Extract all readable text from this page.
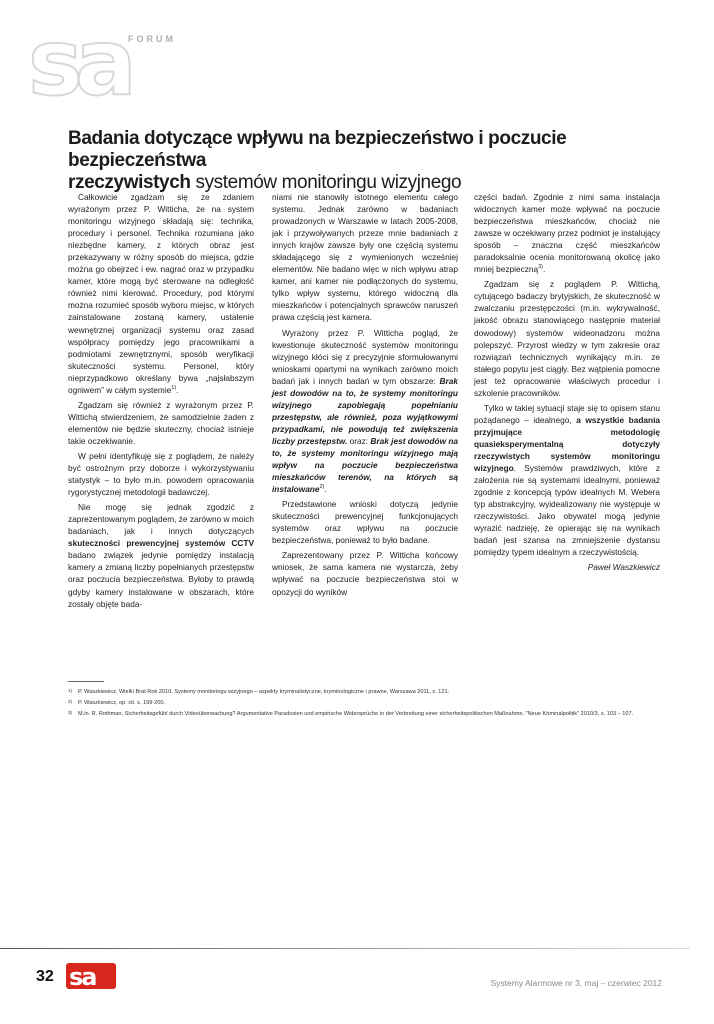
sa FORUM
Badania dotyczące wpływu na bezpieczeństwo i poczucie bezpieczeństwa
rzeczywistych systemów monitoringu wizyjnego

Całkowicie zgadzam się ze zdaniem wyrażonym przez P. Witticha, że na system monitoringu wizyjnego składają się: technika, procedury i personel. Technika rozumiana jako niezbędne kamery, z których obraz jest przekazywany w różny sposób do miejsca, gdzie można go obejrzeć i ew. nagrać oraz w przypadku kamer, które mogą być sterowane na odległość również nimi kierować. Procedury, pod którymi można rozumieć sposób wyboru miejsc, w których zainstalowane zostaną kamery, ustalenie wewnętrznej organizacji systemu oraz zasad współpracy pomiędzy jego pracownikami a podmiotami zewnętrznymi, sposób weryfikacji skuteczności systemu. Personel, który nieprzypadkowo określany bywa „najsłabszym ogniwem” w całym systemie$^{1)}$.

Zgadzam się również z wyrażonym przez P. Wittichą stwierdzeniem, że samodzielnie żaden z elementów nie będzie skuteczny, chociaż istnieje takie oczekiwanie.

W pełni identyfikuję się z poglądem, że należy być ostrożnym przy doborze i wykorzystywaniu statystyk – to było m.in. powodem opracowania rygorystycznej metodologii badawczej.

Nie mogę się jednak zgodzić z zaprezentowanym poglądem, że zarówno w moich badaniach, jak i innych dotyczących skuteczności prewencyjnej systemów CCTV badano związek jedynie pomiędzy instalacją kamery a zmianą liczby popełnianych przestępstw oraz poczucia bezpieczeństwa. Byłoby to prawdą gdyby kamery instalowane w obszarach, które zostały objęte bada-

niami nie stanowiły istotnego elementu całego systemu. Jednak zarówno w badaniach prowadzonych w Warszawie w latach 2005-2008, jak i przywoływanych przeze mnie badaniach z innych krajów zawsze były one częścią systemu składającego się z wymienionych wcześniej elementów. Nie badano więc w nich wpływu atrap kamer, ani kamer nie podłączonych do systemu, tylko wpływ systemu, którego widoczną dla mieszkańców i potencjalnych sprawców naruszeń prawa częścią jest kamera.

Wyrażony przez P. Witticha pogląd, że kwestionuje skuteczność systemów monitoringu wizyjnego kłóci się z precyzyjnie sformułowanymi wnioskami opartymi na wynikach zarówno moich badań jak i innych badań w tym obszarze: Brak jest dowodów na to, że systemy monitoringu wizyjnego zapobiegają popełnianiu przestępstw, ale również, poza wyjątkowymi przypadkami, nie powodują też zwiększenia liczby przestępstw. oraz: Brak jest dowodów na to, że systemy monitoringu wizyjnego mają wpływ na poczucie bezpieczeństwa mieszkańców terenów, na których są instalowane$^{2)}$.

Przedstawione wnioski dotyczą jedynie skuteczności prewencyjnej funkcjonujących systemów oraz wpływu na poczucie bezpieczeństwa, ponieważ to było badane.

Zaprezentowany przez P. Witticha końcowy wniosek, że sama kamera nie wystarcza, żeby wpływać na poczucie bezpieczeństwa stoi w opozycji do wyników

części badań. Zgodnie z nimi sama instalacja widocznych kamer może wpływać na poczucie bezpieczeństwa mieszkańców, chociaż nie zawsze w oczekiwany przez podmiot je instalujący sposób – znaczna część mieszkańców paradoksalnie ocenia monitorowaną okolicę jako mniej bezpieczną$^{3)}$.

Zgadzam się z poglądem P. Wittichą, cytującego badaczy brytyjskich, że skuteczność w zwalczaniu przestępczości (m.in. wykrywalność, jakość obrazu stanowiącego następnie materiał dowodowy) systemów wideonadzoru można polepszyć. Przyrost wiedzy w tym zakresie oraz rozwiązań technicznych wynikający m.in. ze stałego popytu jest ciągły. Bez wątpienia pomocne jest też opracowanie właściwych procedur i szkolenie pracowników.

Tylko w takiej sytuacji staje się to opisem stanu pożądanego – idealnego, a wszystkie badania przyjmujące metodologię quasieksperymentalną dotyczyły rzeczywistych systemów monitoringu wizyjnego. Systemów prawdziwych, które z założenia nie są systemami idealnymi, ponieważ zgodnie z koncepcją typów idealnych M. Webera typ abstrakcyjny, wyidealizowany nie występuje w rzeczywistości. Jako obywatel mogą jedynie wyrazić nadzieję, że opierając się na wynikach badań jest szansa na zmniejszenie dystansu pomiędzy typem idealnym a rzeczywistością.

Paweł Waszkiewicz
1) P. Waszkiewicz, Wielki Brat Rok 2010. Systemy monitoringu wizyjnego – aspekty kryminalistyczne, kryminologiczne i prawne, Warszawa 2011, s. 121.
2) P. Waszkiewicz, op. cit. s. 199-200.
3) M.in. R. Rothman, Sicherheitsgefühl durch Videoüberwachung? Argumentative Paradoxien und empirische Widersprüche in der Verbreitung einer sicherheitspolitischen Maßnahme, "Neue Kriminalpolitik" 2010/3, s. 103 – 107.
32 sa	Systemy Alarmowe nr 3, maj – czerwiec 2012
